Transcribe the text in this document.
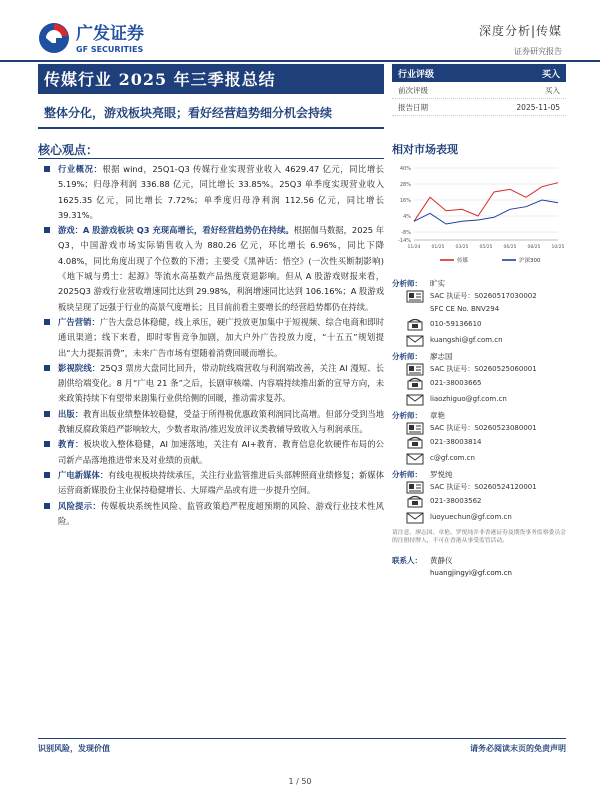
广发证券
GF SECURITIES
深度分析|传媒
证券研究报告
传媒行业 2025 年三季报总结
整体分化，游戏板块亮眼；看好经营趋势细分机会持续
行业评级	买入
前次评级	买入
报告日期	2025-11-05
核心观点：

行业概况：根据 wind，25Q1-Q3 传媒行业实现营业收入 4629.47 亿元，同比增长 5.19%；归母净利润 336.88 亿元，同比增长 33.85%。25Q3 单季度实现营业收入 1625.35 亿元，同比增长 7.72%；单季度归母净利润 112.56 亿元，同比增长 39.31%。

游戏：A 股游戏板块 Q3 充现高增长，看好经营趋势仍在持续。根据伽马数据，2025 年 Q3，中国游戏市场实际销售收入为 880.26 亿元，环比增长 6.96%，同比下降 4.08%，同比角度出现了个位数的下滑；主要受《黑神话：悟空》(一次性买断制影响)《地下城与勇士：起源》等流水高基数产品热度衰退影响。但从 A 股游戏财报来看，2025Q3 游戏行业营收增速同比达到 29.98%，利润增速同比达到 106.16%；A 股游戏板块呈现了远强于行业的高景气度增长；且目前前看主要增长的经营趋势都仍在持续。

广告营销：广告大盘总体稳健，线上承压，硬广投放更加集中于短视频、综合电商和即时通讯渠道；线下来看，即时零售竞争加剧，加大户外广告投放力度，“十五五”规划提出“大力提振消费”，未来广告市场有望随着消费回暖而增长。

影视院线：25Q3 票房大盘同比回升，带动院线端营收与利润端改善，关注 AI 漫短、长剧供给端变化。8 月“广电 21 条”之后，长剧审核端、内容端持续推出新的宣导方向，未来政策持续下有望带来剧集行业供给侧的回暖，推动需求复苏。

出版：教育出版业绩整体较稳健，受益于所得税优惠政策利润同比高增。但部分受到当地教辅反腐政策趋严影响较大，少数者取消/推迟发放评议类教辅导致收入与利润承压。

教育：板块收入整体稳健，AI 加速落地，关注有 AI+教育、教育信息化软硬件布局的公司新产品落地推进带来及对业绩的贡献。

广电新媒体：有线电视板块持续承压，关注行业监管推进后头部牌照商业绩修复；新媒体运营商新媒股份主业保持稳健增长、大屏端产品或有进一步提升空间。

风险提示：传媒板块系统性风险、监管政策趋严程度超预期的风险、游戏行业技术性风险。

相对市场表现
40%
28%
16%
4%
-8%
-14%
11/24 01/25 03/25 05/25 06/25 08/25 10/25
传媒	沪深300
分析师：	旷实
SAC 执证号：S0260517030002
SFC CE No. BNV294
010-59136610
kuangshi@gf.com.cn
分析师：	廖志国
SAC 执证号：S0260525060001
021-38003665
liaozhiguo@gf.com.cn
分析师：	章艳
SAC 执证号：S0260523080001
021-38003814
c@gf.com.cn
分析师：	罗悦纯
SAC 执证号：S0260524120001
021-38003562
luoyuechun@gf.com.cn
请注意，廖志国、章艳、罗悦纯并非香港证券及期货事务监察委员会的注册持牌人，不可在香港从事受监管活动。
联系人：	黄静仪
huangjingyi@gf.com.cn
识别风险，发现价值	请务必阅读末页的免责声明
1 / 50
